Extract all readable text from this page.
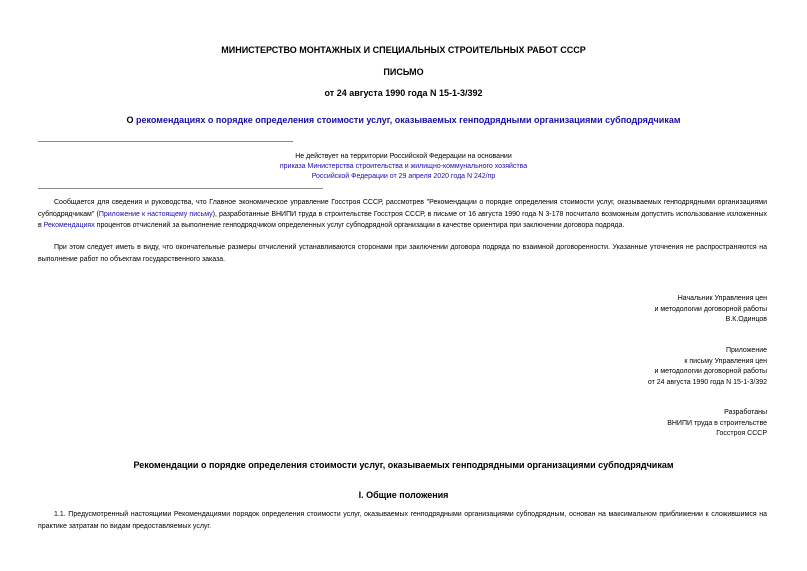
МИНИСТЕРСТВО МОНТАЖНЫХ И СПЕЦИАЛЬНЫХ СТРОИТЕЛЬНЫХ РАБОТ СССР
ПИСЬМО
от 24 августа 1990 года N 15-1-3/392
О рекомендациях о порядке определения стоимости услуг, оказываемых генподрядными организациями субподрядчикам
Не действует на территории Российской Федерации на основании
приказа Министерства строительства и жилищно-коммунального хозяйства
Российской Федерации от 29 апреля 2020 года N 242/пр
Сообщается для сведения и руководства, что Главное экономическое управление Госстроя СССР, рассмотрев "Рекомендации о порядке определения стоимости услуг, оказываемых генподрядными организациями субподрядчикам" (Приложение к настоящему письму), разработанные ВНИПИ труда в строительстве Госстроя СССР, в письме от 16 августа 1990 года N 3-178 посчитало возможным допустить использование изложенных в Рекомендациях процентов отчислений за выполнение генподрядчиком определенных услуг субподрядной организации в качестве ориентира при заключении договора подряда.
При этом следует иметь в виду, что окончательные размеры отчислений устанавливаются сторонами при заключении договора подряда по взаимной договоренности. Указанные уточнения не распространяются на выполнение работ по объектам государственного заказа.
Начальник Управления цен
и методологии договорной работы
В.К.Одинцов
Приложение
к письму Управления цен
и методологии договорной работы
от 24 августа 1990 года N 15-1-3/392
Разработаны
ВНИПИ труда в строительстве
Госстроя СССР
Рекомендации о порядке определения стоимости услуг, оказываемых генподрядными организациями субподрядчикам
I. Общие положения
1.1. Предусмотренный настоящими Рекомендациями порядок определения стоимости услуг, оказываемых генподрядными организациями субподрядным, основан на максимальном приближении к сложившимся на практике затратам по видам предоставляемых услуг.
